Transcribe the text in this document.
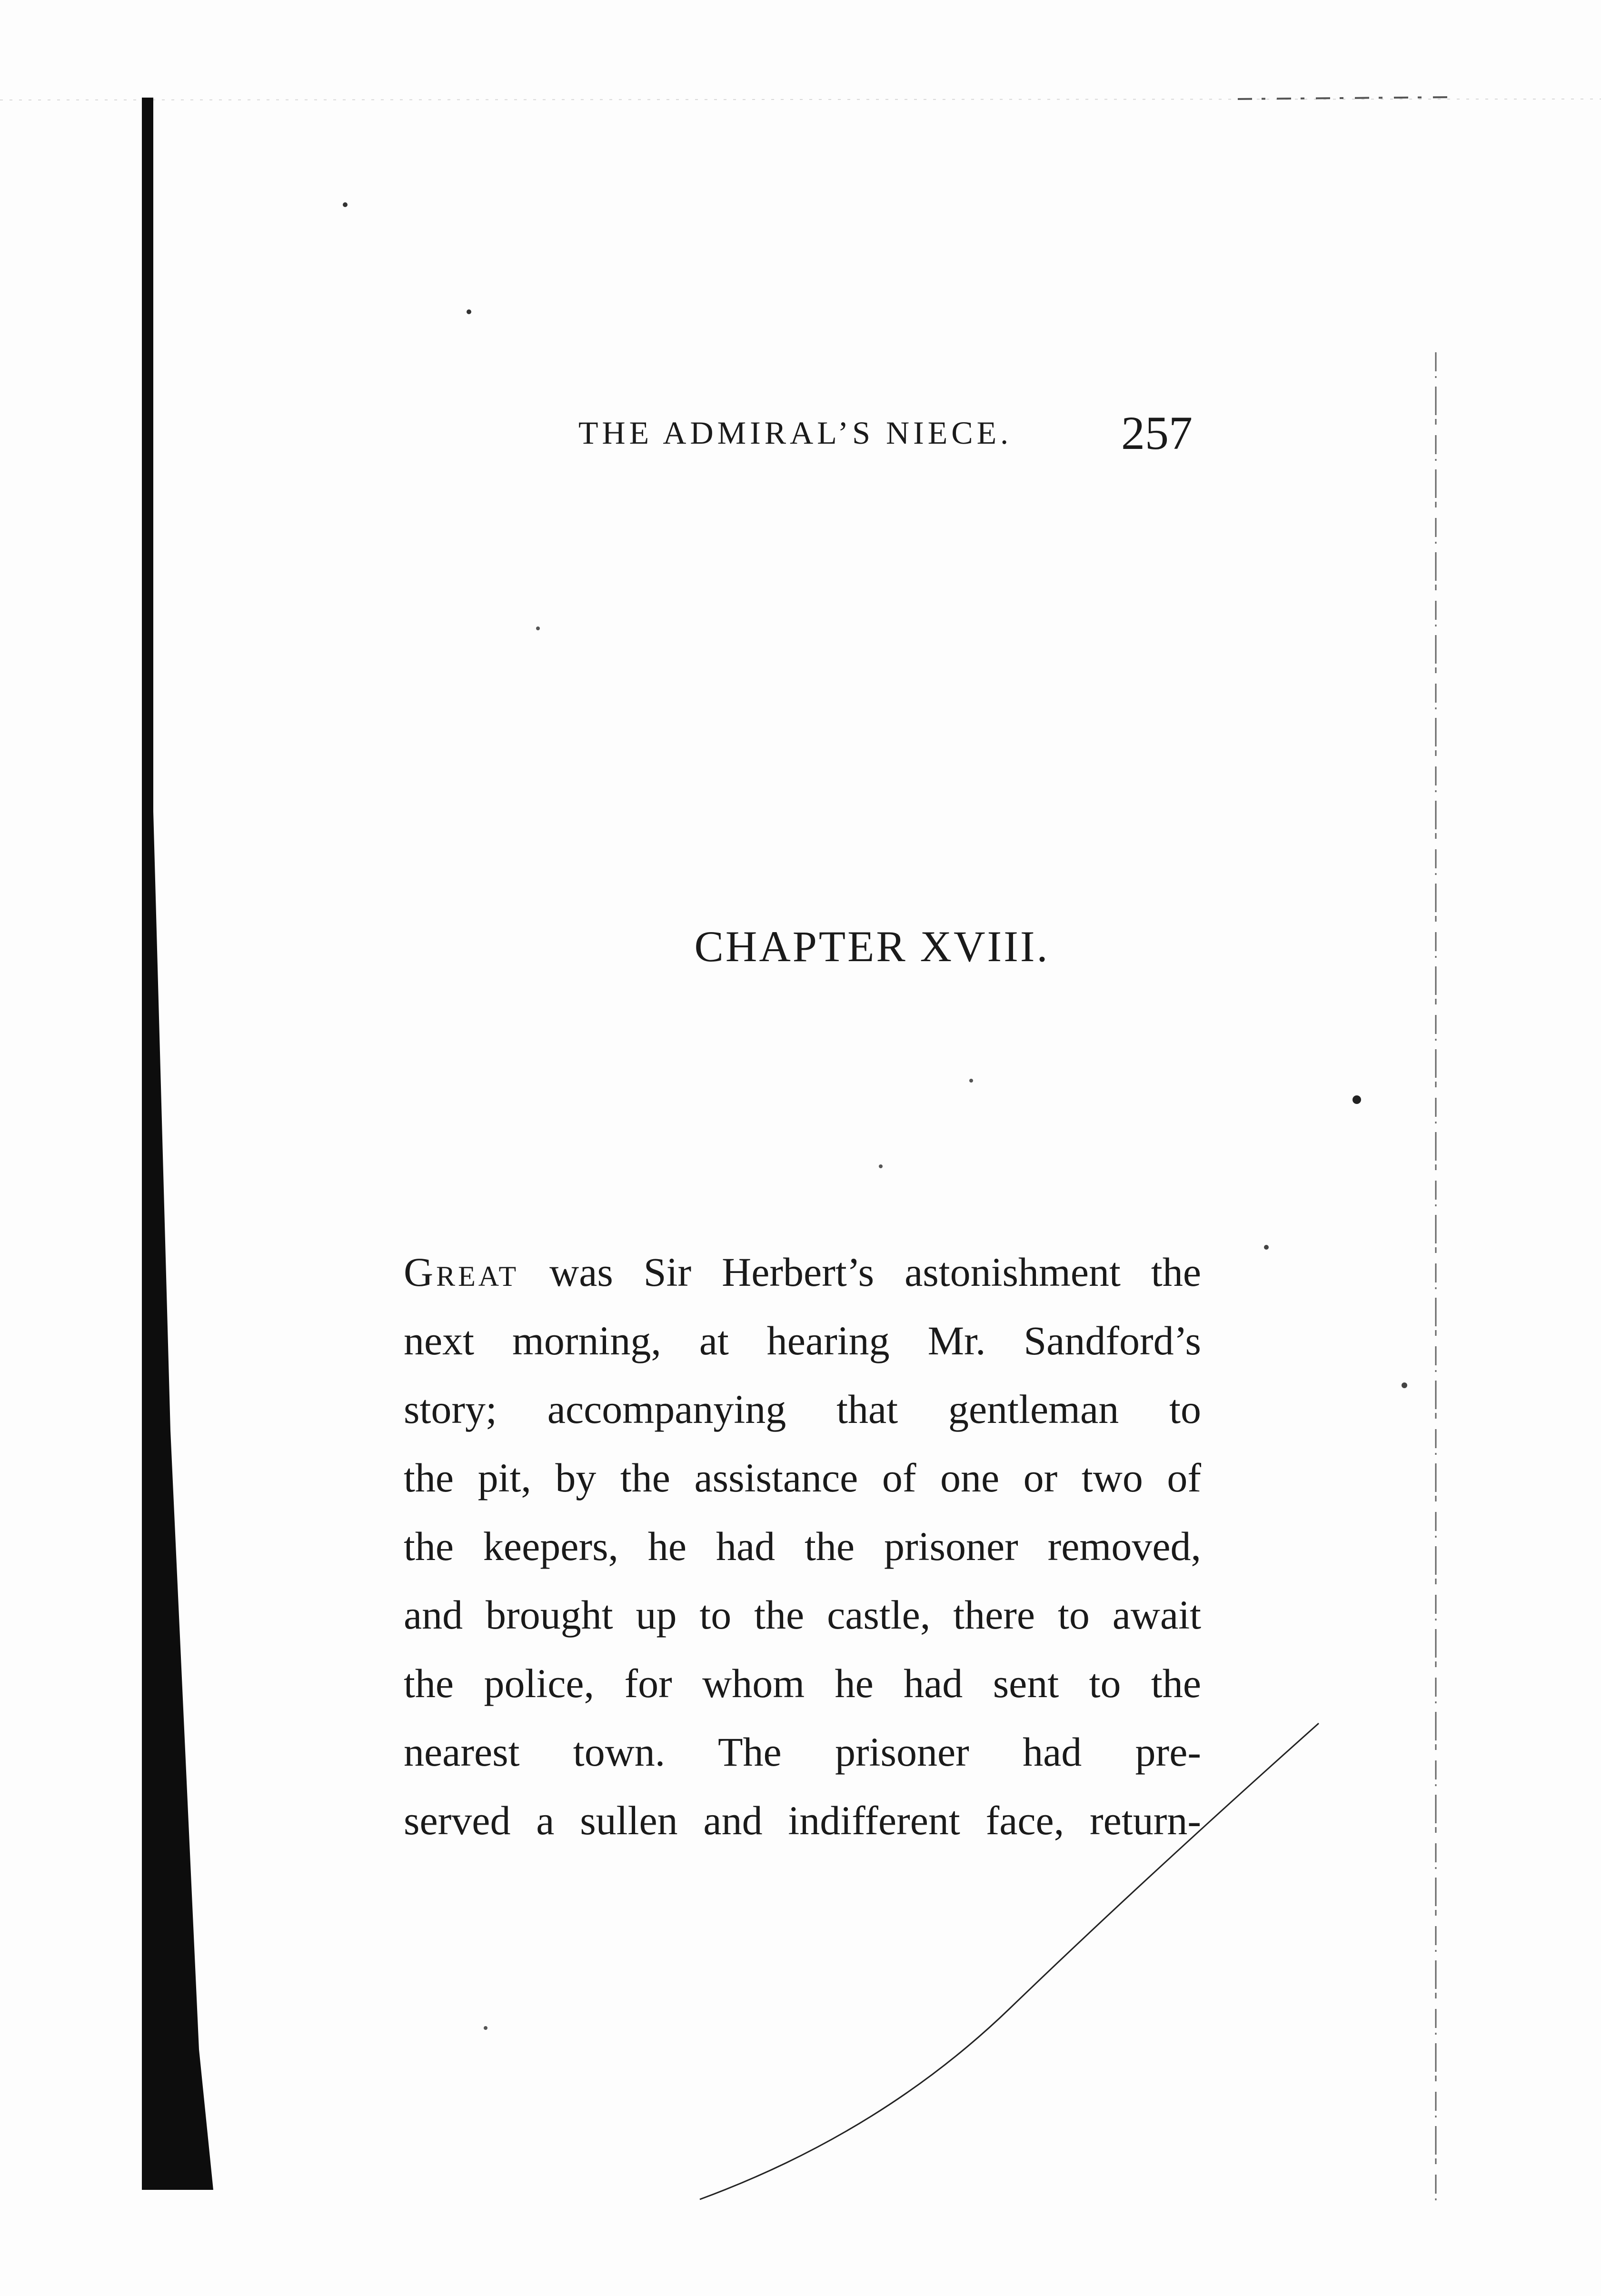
THE ADMIRAL’S NIECE. 257
CHAPTER XVIII.
Great was Sir Herbert’s astonishment the
next morning, at hearing Mr. Sandford’s
story; accompanying that gentleman to
the pit, by the assistance of one or two of
the keepers, he had the prisoner removed,
and brought up to the castle, there to await
the police, for whom he had sent to the
nearest town. The prisoner had pre-
served a sullen and indifferent face, return-
